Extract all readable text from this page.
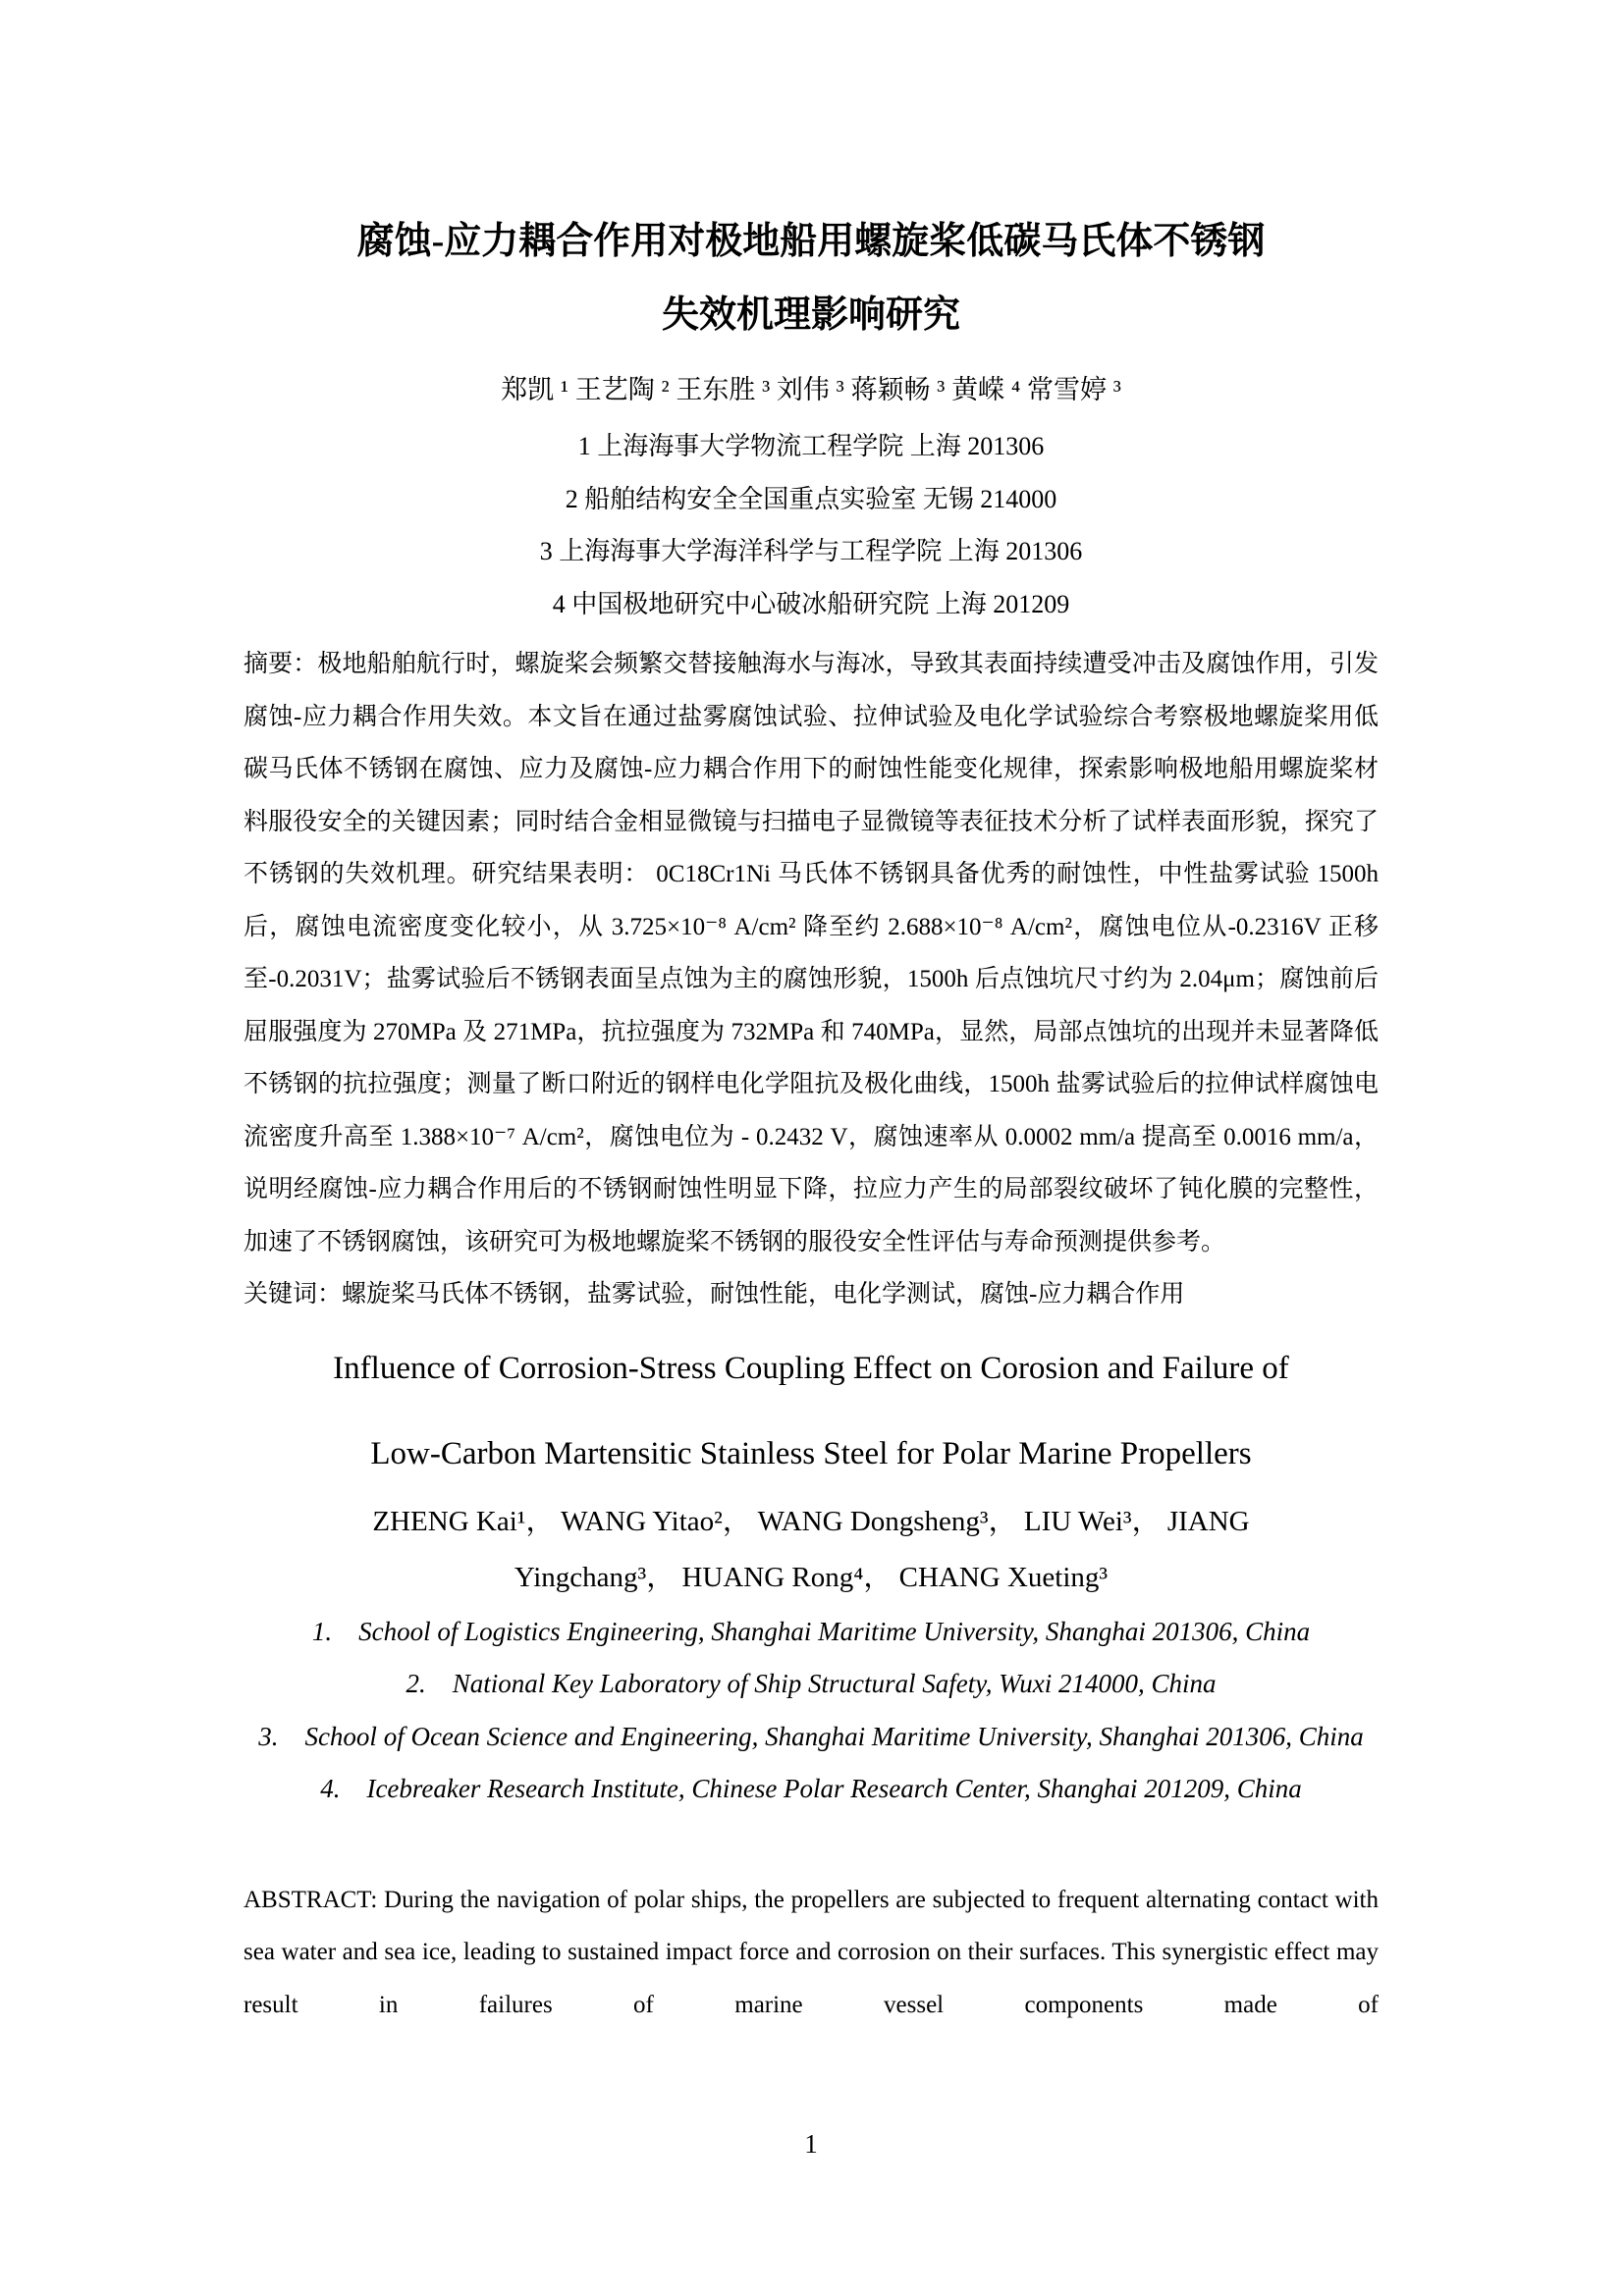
腐蚀-应力耦合作用对极地船用螺旋桨低碳马氏体不锈钢
失效机理影响研究
郑凯 ¹ 王艺陶 ² 王东胜 ³ 刘伟 ³ 蒋颖畅 ³ 黄嵘 ⁴ 常雪婷 ³
1 上海海事大学物流工程学院 上海 201306
2 船舶结构安全全国重点实验室 无锡 214000
3 上海海事大学海洋科学与工程学院 上海 201306
4 中国极地研究中心破冰船研究院 上海 201209

摘要：极地船舶航行时，螺旋桨会频繁交替接触海水与海冰，导致其表面持续遭受冲击及腐蚀作用，引发腐蚀-应力耦合作用失效。本文旨在通过盐雾腐蚀试验、拉伸试验及电化学试验综合考察极地螺旋桨用低碳马氏体不锈钢在腐蚀、应力及腐蚀-应力耦合作用下的耐蚀性能变化规律，探索影响极地船用螺旋桨材料服役安全的关键因素；同时结合金相显微镜与扫描电子显微镜等表征技术分析了试样表面形貌，探究了不锈钢的失效机理。研究结果表明： 0C18Cr1Ni 马氏体不锈钢具备优秀的耐蚀性，中性盐雾试验 1500h 后，腐蚀电流密度变化较小，从 3.725×10⁻⁸ A/cm² 降至约 2.688×10⁻⁸ A/cm²，腐蚀电位从-0.2316V 正移至-0.2031V；盐雾试验后不锈钢表面呈点蚀为主的腐蚀形貌，1500h 后点蚀坑尺寸约为 2.04μm；腐蚀前后屈服强度为 270MPa 及 271MPa，抗拉强度为 732MPa 和 740MPa，显然，局部点蚀坑的出现并未显著降低不锈钢的抗拉强度；测量了断口附近的钢样电化学阻抗及极化曲线，1500h 盐雾试验后的拉伸试样腐蚀电流密度升高至 1.388×10⁻⁷ A/cm²，腐蚀电位为 - 0.2432 V，腐蚀速率从 0.0002 mm/a 提高至 0.0016 mm/a，说明经腐蚀-应力耦合作用后的不锈钢耐蚀性明显下降，拉应力产生的局部裂纹破坏了钝化膜的完整性，加速了不锈钢腐蚀，该研究可为极地螺旋桨不锈钢的服役安全性评估与寿命预测提供参考。

关键词：螺旋桨马氏体不锈钢，盐雾试验，耐蚀性能，电化学测试，腐蚀-应力耦合作用

Influence of Corrosion-Stress Coupling Effect on Corosion and Failure of
Low-Carbon Martensitic Stainless Steel for Polar Marine Propellers
ZHENG Kai¹， WANG Yitao²， WANG Dongsheng³， LIU Wei³， JIANG
Yingchang³， HUANG Rong⁴， CHANG Xueting³
1. School of Logistics Engineering, Shanghai Maritime University, Shanghai 201306, China
2. National Key Laboratory of Ship Structural Safety, Wuxi 214000, China
3. School of Ocean Science and Engineering, Shanghai Maritime University, Shanghai 201306, China
4. Icebreaker Research Institute, Chinese Polar Research Center, Shanghai 201209, China

ABSTRACT: During the navigation of polar ships, the propellers are subjected to frequent alternating contact with sea water and sea ice, leading to sustained impact force and corrosion on their surfaces. This synergistic effect may result in failures of marine vessel components made of

1
